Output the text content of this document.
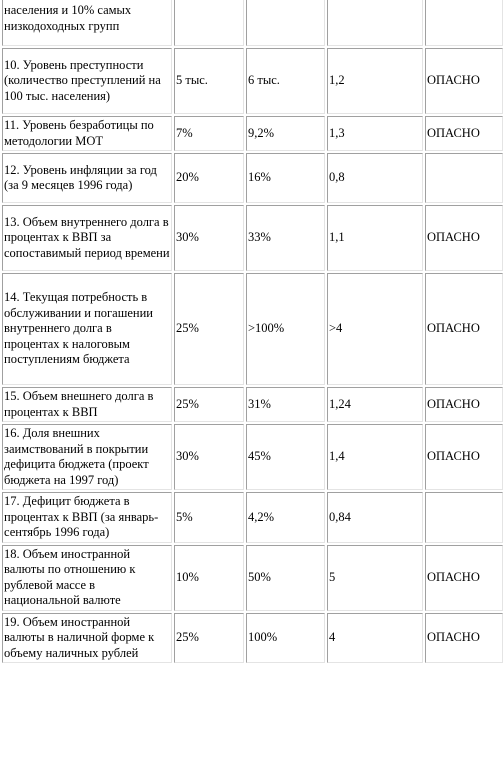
населения и 10% самых низкодоходных групп				
10. Уровень преступности (количество преступлений на 100 тыс. населения)	5 тыс.	6 тыс.	1,2	ОПАСНО
11. Уровень безработицы по методологии МОТ	7%	9,2%	1,3	ОПАСНО
12. Уровень инфляции за год (за 9 месяцев 1996 года)	20%	16%	0,8	
13. Объем внутреннего долга в процентах к ВВП за сопоставимый период времени	30%	33%	1,1	ОПАСНО
14. Текущая потребность в обслуживании и погашении внутреннего долга в процентах к налоговым поступлениям бюджета	25%	>100%	>4	ОПАСНО
15. Объем внешнего долга в процентах к ВВП	25%	31%	1,24	ОПАСНО
16. Доля внешних заимствований в покрытии дефицита бюджета (проект бюджета на 1997 год)	30%	45%	1,4	ОПАСНО
17. Дефицит бюджета в процентах к ВВП (за январь-сентябрь 1996 года)	5%	4,2%	0,84	
18. Объем иностранной валюты по отношению к рублевой массе в национальной валюте	10%	50%	5	ОПАСНО
19. Объем иностранной валюты в наличной форме к объему наличных рублей	25%	100%	4	ОПАСНО
